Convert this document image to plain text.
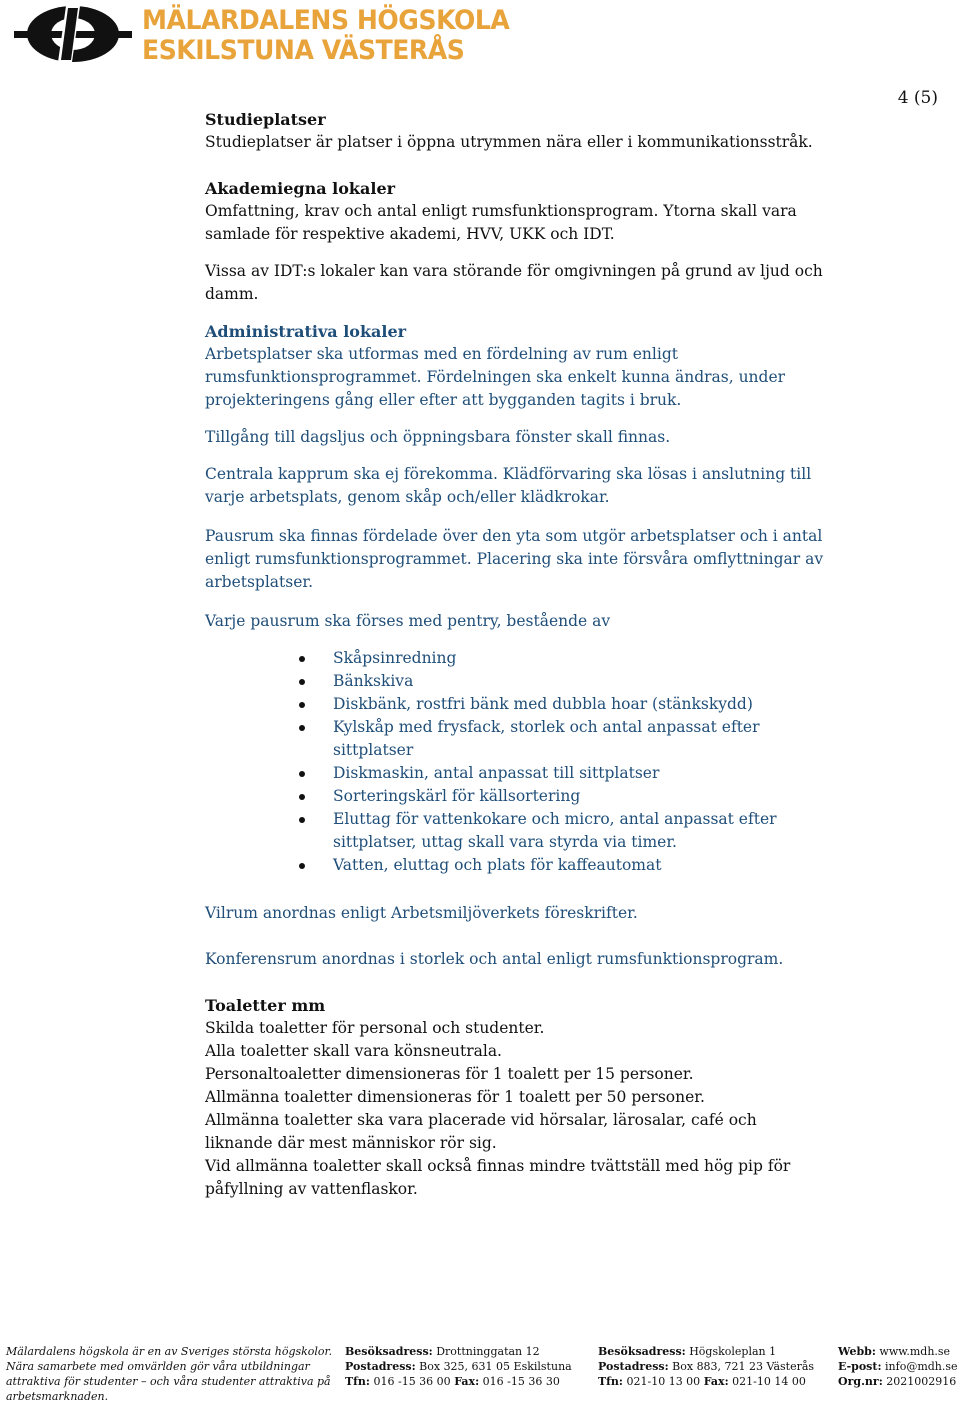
MÄLARDALENS HÖGSKOLA
ESKILSTUNA VÄSTERÅS
4 (5)

Studieplatser

Studieplatser är platser i öppna utrymmen nära eller i kommunikationsstråk.

Akademiegna lokaler

Omfattning, krav och antal enligt rumsfunktionsprogram. Ytorna skall vara samlade för respektive akademi, HVV, UKK och IDT.

Vissa av IDT:s lokaler kan vara störande för omgivningen på grund av ljud och damm.

Administrativa lokaler

Arbetsplatser ska utformas med en fördelning av rum enligt rumsfunktionsprogrammet. Fördelningen ska enkelt kunna ändras, under projekteringens gång eller efter att bygganden tagits i bruk.

Tillgång till dagsljus och öppningsbara fönster skall finnas.

Centrala kapprum ska ej förekomma. Klädförvaring ska lösas i anslutning till varje arbetsplats, genom skåp och/eller klädkrokar.

Pausrum ska finnas fördelade över den yta som utgör arbetsplatser och i antal enligt rumsfunktionsprogrammet. Placering ska inte försvåra omflyttningar av arbetsplatser.

Varje pausrum ska förses med pentry, bestående av

Skåpsinredning
Bänkskiva
Diskbänk, rostfri bänk med dubbla hoar (stänkskydd)
Kylskåp med frysfack, storlek och antal anpassat efter sittplatser
Diskmaskin, antal anpassat till sittplatser
Sorteringskärl för källsortering
Eluttag för vattenkokare och micro, antal anpassat efter sittplatser, uttag skall vara styrda via timer.
Vatten, eluttag och plats för kaffeautomat

Vilrum anordnas enligt Arbetsmiljöverkets föreskrifter.

Konferensrum anordnas i storlek och antal enligt rumsfunktionsprogram.

Toaletter mm

Skilda toaletter för personal och studenter.

Alla toaletter skall vara könsneutrala.

Personaltoaletter dimensioneras för 1 toalett per 15 personer.

Allmänna toaletter dimensioneras för 1 toalett per 50 personer.

Allmänna toaletter ska vara placerade vid hörsalar, lärosalar, café och liknande där mest människor rör sig.

Vid allmänna toaletter skall också finnas mindre tvättställ med hög pip för påfyllning av vattenflaskor.

Mälardalens högskola är en av Sveriges största högskolor. Nära samarbete med omvärlden gör våra utbildningar attraktiva för studenter – och våra studenter attraktiva på arbetsmarknaden.
Besöksadress: Drottninggatan 12
Postadress: Box 325, 631 05 Eskilstuna
Tfn: 016 -15 36 00 Fax: 016 -15 36 30
Besöksadress: Högskoleplan 1
Postadress: Box 883, 721 23 Västerås
Tfn: 021-10 13 00 Fax: 021-10 14 00
Webb: www.mdh.se
E-post: info@mdh.se
Org.nr: 2021002916
